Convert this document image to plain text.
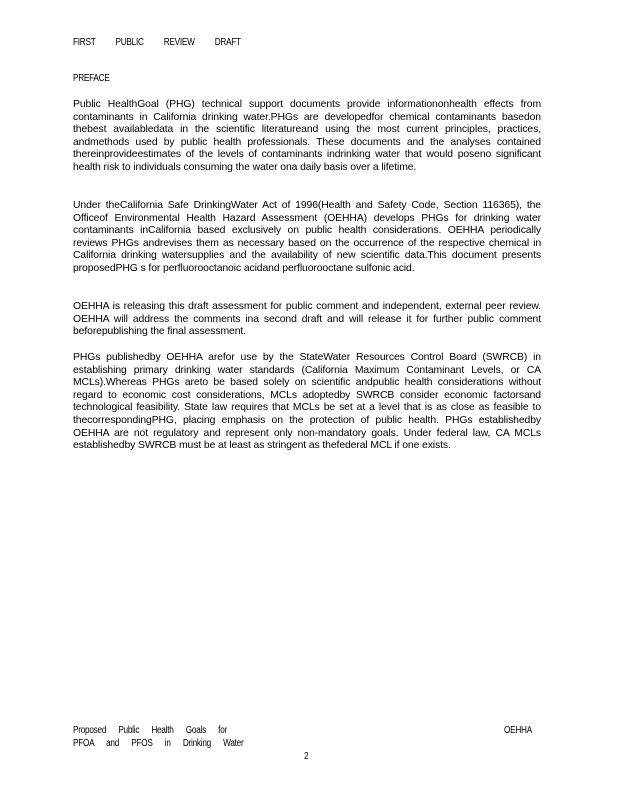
FIRST PUBLIC REVIEW DRAFT
PREFACE
Public HealthGoal (PHG) technical support documents provide informationonhealth effects from contaminants in California drinking water.PHGs are developedfor chemical contaminants basedon thebest availabledata in the scientific literatureand using the most current principles, practices, andmethods used by public health professionals. These documents and the analyses contained thereinprovideestimates of the levels of contaminants indrinking water that would poseno significant health risk to individuals consuming the water ona daily basis over a lifetime.
Under theCalifornia Safe DrinkingWater Act of 1996(Health and Safety Code, Section 116365), the Officeof Environmental Health Hazard Assessment (OEHHA) develops PHGs for drinking water contaminants inCalifornia based exclusively on public health considerations. OEHHA periodically reviews PHGs andrevises them as necessary based on the occurrence of the respective chemical in California drinking watersupplies and the availability of new scientific data.This document presents proposedPHG s for perfluorooctanoic acidand perfluorooctane sulfonic acid.
OEHHA is releasing this draft assessment for public comment and independent, external peer review. OEHHA will address the comments ina second draft and will release it for further public comment beforepublishing the final assessment.
PHGs publishedby OEHHA arefor use by the StateWater Resources Control Board (SWRCB) in establishing primary drinking water standards (California Maximum Contaminant Levels, or CA MCLs).Whereas PHGs areto be based solely on scientific andpublic health considerations without regard to economic cost considerations, MCLs adoptedby SWRCB consider economic factorsand technological feasibility. State law requires that MCLs be set at a level that is as close as feasible to thecorrespondingPHG, placing emphasis on the protection of public health. PHGs establishedby OEHHA are not regulatory and represent only non-mandatory goals. Under federal law, CA MCLs establishedby SWRCB must be at least as stringent as thefederal MCL if one exists.
Proposed      Public      Health      Goals      for
PFOA      and      PFOS      in      Drinking      Water
OEHHA
2
